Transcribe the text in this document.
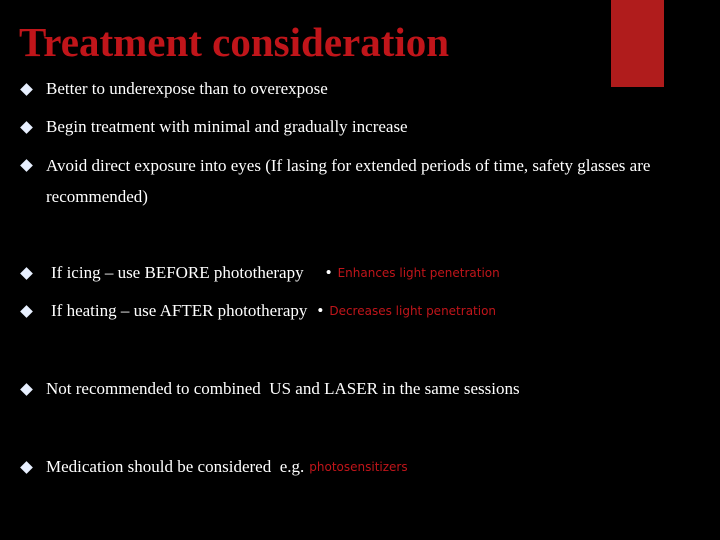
Treatment consideration
Better to underexpose than to overexpose
Begin treatment with minimal and gradually increase
Avoid direct exposure into eyes (If lasing for extended periods of time, safety glasses are recommended)
If icing – use BEFORE phototherapy • Enhances light penetration
If heating – use AFTER phototherapy • Decreases light penetration
Not recommended to combined  US and LASER in the same sessions
Medication should be considered  e.g. photosensitizers
